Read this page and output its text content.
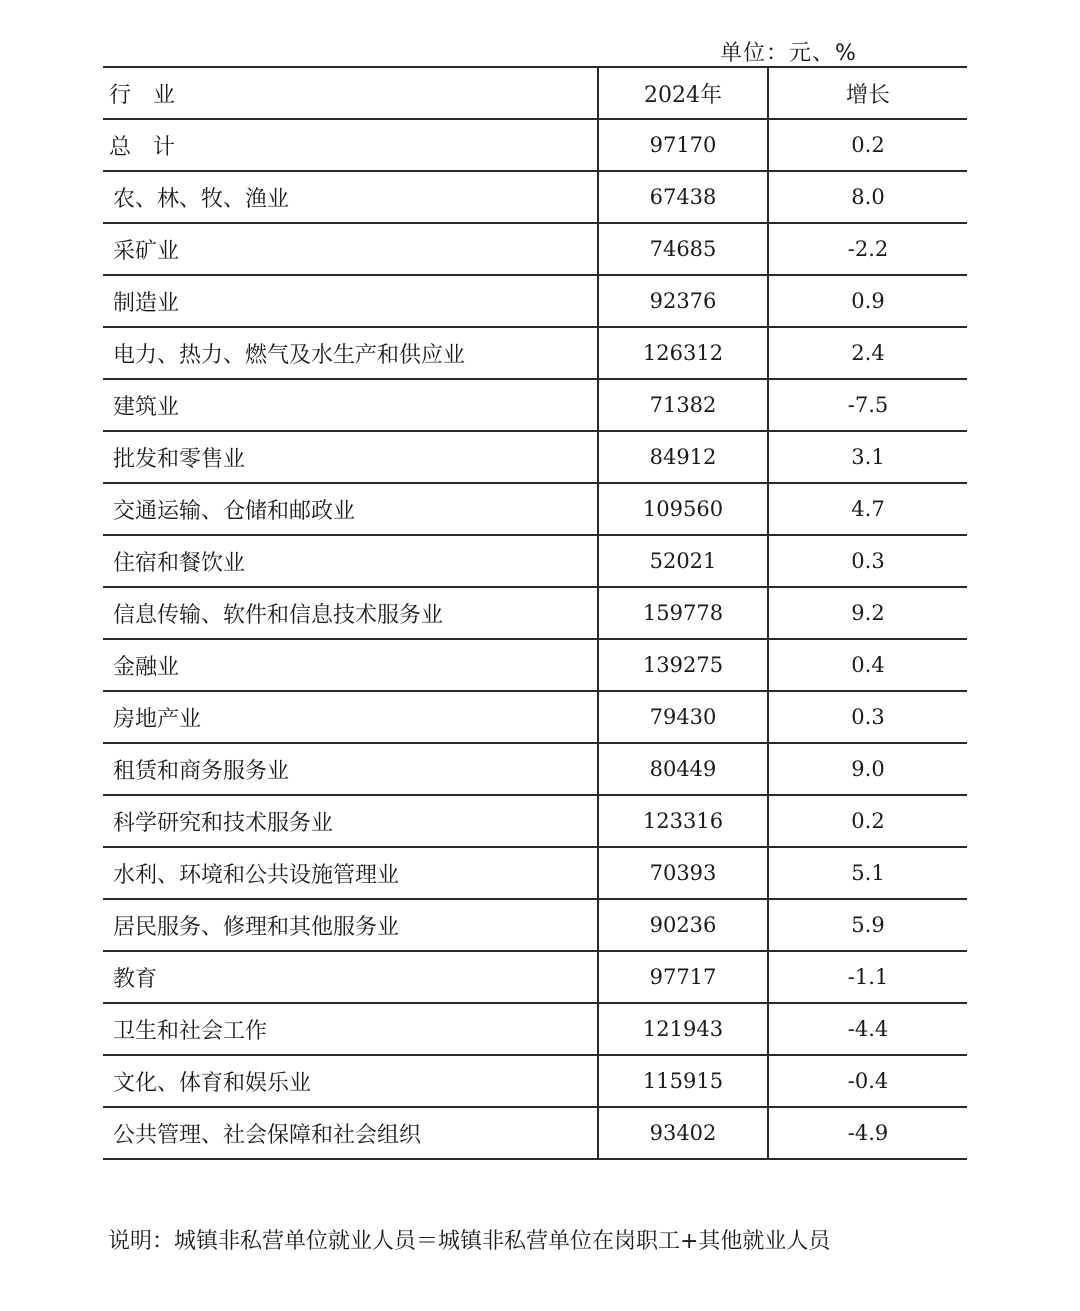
单位：元、%
行　业	2024年	增长
总　计	97170	0.2
农、林、牧、渔业	67438	8.0
采矿业	74685	-2.2
制造业	92376	0.9
电力、热力、燃气及水生产和供应业	126312	2.4
建筑业	71382	-7.5
批发和零售业	84912	3.1
交通运输、仓储和邮政业	109560	4.7
住宿和餐饮业	52021	0.3
信息传输、软件和信息技术服务业	159778	9.2
金融业	139275	0.4
房地产业	79430	0.3
租赁和商务服务业	80449	9.0
科学研究和技术服务业	123316	0.2
水利、环境和公共设施管理业	70393	5.1
居民服务、修理和其他服务业	90236	5.9
教育	97717	-1.1
卫生和社会工作	121943	-4.4
文化、体育和娱乐业	115915	-0.4
公共管理、社会保障和社会组织	93402	-4.9
说明：城镇非私营单位就业人员＝城镇非私营单位在岗职工+其他就业人员
